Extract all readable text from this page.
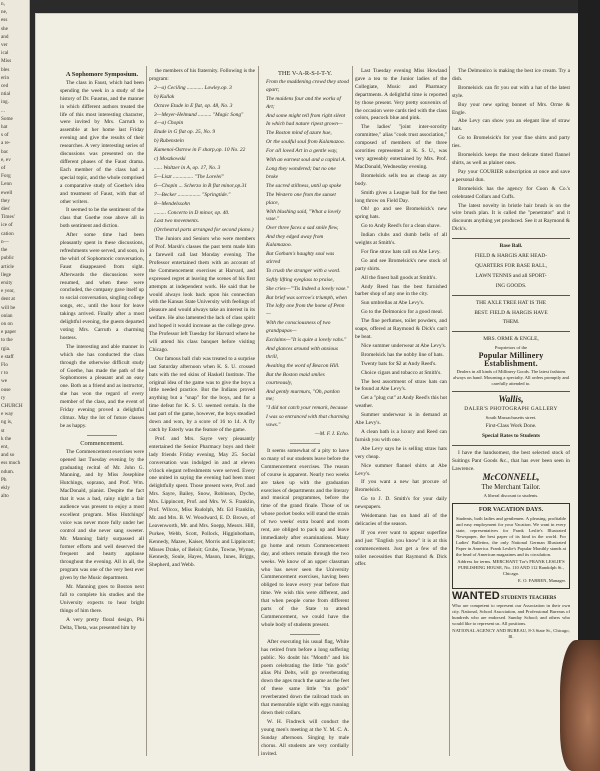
n,

ne,

ess

she

and

ver

ical

Miss

bles

erin

ced

ntial

ing.

...

Some

hat

s of

a re-

bac

e, ev

of

Forg

Lenn

ewell

they

dies'

Times'

ice of

cation

n—

the

public

article

llege

ersity

e year,

dent at

will be

onian

on on

e paper

to the

rgia.

e staff

Flo

r to

we

ouse

ry

CHURCH

e way

ng is,

st

k the

ent,

and so

ess much

ndum.

Ph

ekly

alto

A Sophomore Symposium.

The class in Faust, which had been spending the week in a study of the history of Dr. Faustus, and the manner in which different authors treated the life of this most interesting character, were invited by Mrs. Carruth to assemble at her home last Friday evening and give the results of their researches. A very interesting series of discussions was presented on the different phases of the Faust drama. Each member of the class had a special topic, and the whole comprised a comparative study of Goethe's idea and treatment of Faust, with that of other writers.

It seemed to be the sentiment of the class that Goethe rose above all in both sentiment and diction.

After some time had been pleasantly spent in these discussions, refreshments were served, and soon, in the whirl of Sophomoric conversation, Faust disappeared from sight. Afterwards the discussions were resumed, and when these were concluded, the company gave itself up to social conversation, singling college songs, etc., until the hour for leave takings arrived. Finally after a most delightful evening, the guests departed voting Mrs. Carruth a charming hostess.

The interesting and able manner in which she has conducted the class through the otherwise difficult study of Goethe, has made the path of the Sophomores a pleasant and an easy one. Both as a friend and as instructor, she has won the regard of every member of the class, and the event of Friday evening proved a delightful climax. May the lot of future classes be as happy.

Commencement.

The Commencement exercises were opened last Tuesday evening by the graduating recital of Mr. John G. Manning, and by Miss Josephine Hutchings, soprano, and Prof. Wm. MacDonald, pianist. Despite the fact that it was a bad, rainy night a fair audience was present to enjoy a most excellent program. Miss Hutchings' voice was never more fully under her control and she never sang sweeter. Mr. Manning fairly surpassed all former efforts and well deserved the frequent and hearty applause throughout the evening. All in all, the program was one of the very best ever given by the Music department.

Mr. Manning goes to Boston next fall to complete his studies and the University expects to hear bright things of him there.

A very pretty floral design, Phi Delta, Theta, was presented him by

the members of his fraternity. Following is the program:

2—a) Ceciling ............ Lowley.op. 3

b) Kullak

Octave Etude in E flat, op. 48, No. 3

3—Meyer-Helmund .......... "Magic Song"

4—a) Chopin

Etude in G flat op. 25, No. 9

b) Rubenstein

Kamenoi-Ostrow in F sharp,op. 10 No. 22

c) Moszkowski

...... Waltzer in A, op. 17, No. 3

5—Liszt ............... "The Lorelei"

6—Chopin ... Scherzo in B flat minor,op.31

7—Becker ................. "Springtide."

8—Mendelssohn

......... Concerto in D minor, op. 40.

Last two movements.

(Orchestral parts arranged for second piano.)

The Juniors and Seniors who were members of Prof. Marsh's classes the past term made him a farewell call last Monday evening. The Professor entertained them with an account of the Commencement exercises at Harvard, and expressed regret at leaving the scenes of his first attempts at independent work. He said that he would always look back upon his connection with the Kansas State University with feelings of pleasure and would always take an interest in its welfare. He also lamented the lack of class spirit and hoped it would increase as the college grew. The Professor left Tuesday for Harvard where he will attend his class banquet before visiting Chicago.

Our famous ball club was treated to a surprise last Saturday afternoon when K. S. U. crossed bats with the red skins of Haskell Institute. The original idea of the game was to give the boys a little needed practice. But the Indians proved anything but a "snap" for the boys, and for a time defeat for K. S. U. seemed certain. In the last part of the game, however, the boys steadied down and won, by a score of 16 to 14. A fly catch by Esterly was the feature of the game.

Prof. and Mrs. Sayre very pleasantly entertained the Senior Pharmacy boys and their lady friends Friday evening, May 25. Social conversation was indulged in and at eleven o'clock elegant refreshments were served. Every one united in saying the evening had been most delightfully spent. Those present were, Prof. and Mrs. Sayre, Bailey, Snow, Robinson, Dyche, Mrs. Lippincott, Prof. and Mrs. W. S. Franklin, Prof. Wilcox, Miss Rudolph, Mr. Ed Franklin, Mr. and Mrs. B. W. Woodward, E. D. Brown, of Leavenworth, Mr. and Mrs. Soepp, Messrs. Hill, Purkee, Webb, Scott, Pollock, Higginbotham, Kennedy, Mazee, Kaiser, Morris and Lippincott; Misses Drake, of Beloit; Grube, Towne, Wynne, Kennedy, Soule, Hayes, Mason, Innes, Briggs, Shepherd, and Webb.

THE V-A-R-S-I-T-Y.

From the maddening crowd they stood apart;

The maidens four and the works of Art;

And some might tell from right silent

In which had nature ripest grown—

The Boston mind of azure hue,

Or the soulful soul from Kalamazoo.

For all loved Art in a gentle way,

With an earnest soul and a capital A.

Long they wondered; but no one broke

The sacred stillness, until up spoke

The Western one from the sunset place,

With blushing said, "What a lovely vase."

Over three faces a sad smile flew,

And they edged away from Kalamazoo.

But Gotham's haughty soul was stirred

To crush the stranger with a word.

Softly lifting eyeglass to praise,

She cries—"'Tis Indeed a lovely vase."

But brief was sorrow's triumph, when

The lofty one from the home of Penn—

With the consciousness of two grandpapas—

Exclaims—"It is quite a lovely vahs."

And glances around with anxious thrill,

Awaiting the word of Beacon Hill.

But the Boston maid smiles courteously,

And gently murmurs, "Oh, pardon me;

"I did not catch your remark, because

I was so entranced with that charming vaws."

—M. F. I. Echo.

It seems somewhat of a pity to have so many of our students leave before the Commencement exercises. The reason of course is apparent. Nearly two weeks are taken up with the graduation exercises of departments and the literary and musical programmes, before the time of the grand finale. Those of us whose pocket books will stand the strain of two weeks' extra board and room rent, are obliged to pack up and leave immediately after examinations. Many go home and return Commencement day, and others remain through the two weeks. We know of an upper classman who has never seen the University Commencement exercises, having been obliged to leave every year before that time. We wish this were different, and that when people come from different parts of the State to attend Commencement, we could have the whole body of students present.

After executing his usual flag, White has retired from before a long suffering public. No doubt his "Month" and his poem celebrating the little "tin gods" alias Phi Delts, will go reverberating down the ages much the same as the feet of these same little "tin gods" reverberated down the railroad track on that memorable night with eggs running down their collars.

W. H. Findreck will conduct the young men's meeting at the Y. M. C. A. Sunday afternoon. Singing by male chorus. All students are very cordially invited.

Last Tuesday evening Miss Howland gave a tea to the Junior ladies of the Collegiate, Music and Pharmacy departments. A delightful time is reported by those present. Very pretty souvenirs of the occasion were cards tied with the class colors, peacock blue and pink.

The ladies' "joint inter-sorority committee," alias "cook trust association," composed of members of the three sororities represented at K. S. U., was very agreeably entertained by Mrs. Prof. MacDonald, Wednesday evening.

Bromelsick sells tea as cheap as any body.

Smith gives a League ball for the best long throw on Field Day.

Oh! go and see Bromelsick's new spring hats.

Go to Andy Reed's for a clean shave.

Indian clubs and dumb bells of all weights at Smith's.

For fine straw hats call on Abe Levy.

Go and see Bromelsick's new stock of party shirts.

All the finest ball goods at Smith's.

Andy Reed has the best furnished barber shop of any one in the city.

Sun umbrellas at Abe Levy's.

Go to the Delmonico for a good meal.

The fine perfumes, toilet powders, and soaps, offered at Raymond & Dick's can't be beat.

Nice summer underwear at Abe Levy's.

Bromelsick has the nobby line of hats.

Twenty bats for $2 at Andy Reed's.

Choice cigars and tobacco at Smith's.

The best assortment of straw hats can be found at Abe Levy's.

Get a "plug cut" at Andy Reed's this hot weather.

Summer underwear is in demand at Abe Levy's.

A clean bath is a luxury and Reed can furnish you with one.

Abe Levy says he is selling straw hats very cheap.

Nice summer flannel shirts at Abe Levy's.

If you want a new hat procure of Bromelsick.

Go to J. D. Smith's for your daily newspapers.

Weidemann has on hand all of the delicacies of the season.

If you ever want to appear superfine and just "English you know" it is at this commencement. Just get a few of the toilet necessities that Raymond & Dick offer.

The Delmonico is making the best ice cream. Try a dish.

Bromelsick can fit you out with a hat of the latest style.

Buy your new spring bonnet of Mrs. Orme & Engle.

Abe Levy can show you an elegant line of straw hats.

Go to Bromelsick's for your fine shirts and party ties.

Bromelsick keeps the most delicate tinted flannel shirts, as well as plainer ones.

Pay your COURIER subscription at once and save a personal dun.

Bromelsick has the agency for Coon & Co.'s celebrated Collars and Cuffs.

The latest novelty in bristle hair brush is on the wire brush plan. It is called the "penetrator" and it discounts anything yet produced. See it at Raymond & Dick's.

Base Ball.

FIELD & HARGIS ARE HEAD-

QUARTERS FOR BASE BALL,

LAWN TENNIS and all SPORT-

ING GOODS.

THE AXLE TREE HAT IS THE

BEST. FIELD & HARGIS HAVE

THEM.

MRS. ORME & ENGLE,

Proprietors of the

Popular Millinery Establishment.

Dealers in all kinds of Millinery Goods. The latest fashions always on hand. Mourning a specialty. All orders promptly and carefully attended to.

Wallis,

DALER'S PHOTOGRAPH GALLERY

South Massachusetts street.

First-Class Work Done.

Special Rates to Students

I have the handsomest, the best selected stock of Suitings Pant Goods &c., that has ever been seen in Lawrence.

McCONNELL,

The Merchant Tailor.

A liberal discount to students.

FOR VACATION DAYS.

Students, both ladies and gentlemen. A pleasing, profitable and easy employment for your Vacation. We want in every state, representatives for Frank Leslie's Illustrated Newspaper, the best paper of its kind in the world. For Ladies' Bulletins, the only National German Illustrated Paper in America. Frank Leslie's Popular Monthly stands at the head of American magazines and its circulation.

Address for terms. MERCHANT Tor's FRANK LESLIE'S PUBLISHING HOUSE, No. 110 AND 112 Randolph St., Chicago.

E. O. FARREN, Manager.

WANTED STUDENTS TEACHERS

Who are competent to represent our Association in their own city. National, School Association, and Professional Bureaus of hundreds who are endorsed. Sunday School; and others who would like to represent us. All positions.

NATIONAL AGENCY AND BUREAU, 8-3 State St., Chicago, Ill.
